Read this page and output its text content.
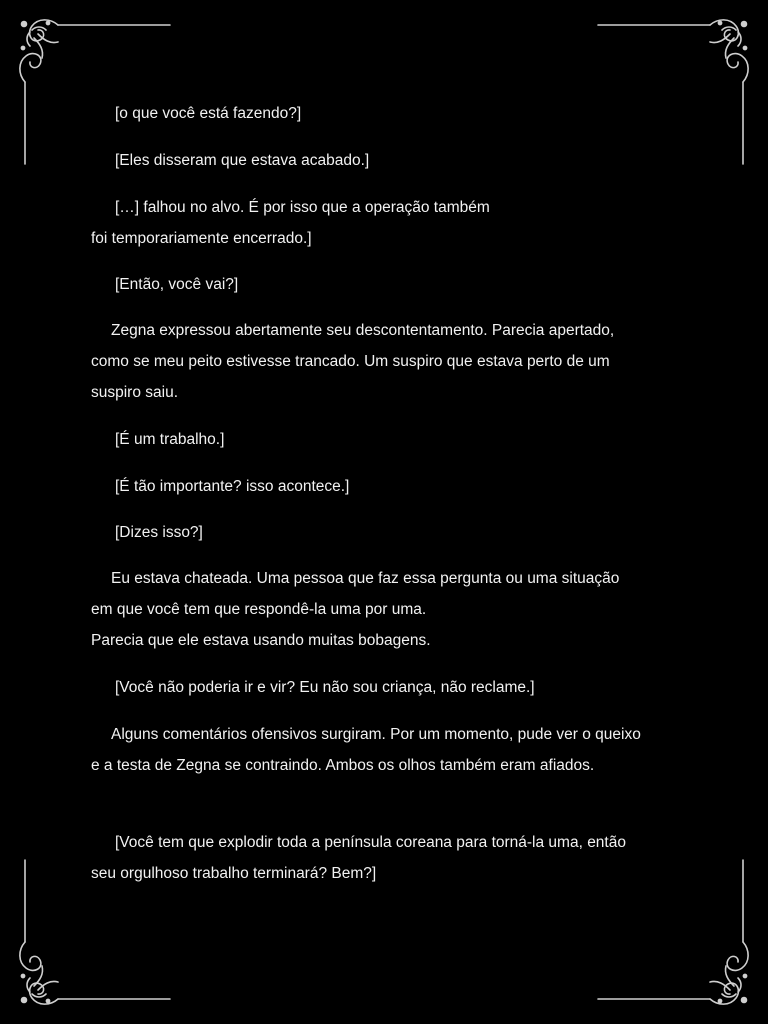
[o que você está fazendo?]
[Eles disseram que estava acabado.]
[…] falhou no alvo. É por isso que a operação também
foi temporariamente encerrado.]
[Então, você vai?]
Zegna expressou abertamente seu descontentamento. Parecia apertado,
como se meu peito estivesse trancado. Um suspiro que estava perto de um
suspiro saiu.
[É um trabalho.]
[É tão importante? isso acontece.]
[Dizes isso?]
Eu estava chateada. Uma pessoa que faz essa pergunta ou uma situação
em que você tem que respondê-la uma por uma.
Parecia que ele estava usando muitas bobagens.
[Você não poderia ir e vir? Eu não sou criança, não reclame.]
Alguns comentários ofensivos surgiram. Por um momento, pude ver o queixo
e a testa de Zegna se contraindo. Ambos os olhos também eram afiados.
[Você tem que explodir toda a península coreana para torná-la uma, então
seu orgulhoso trabalho terminará? Bem?]
